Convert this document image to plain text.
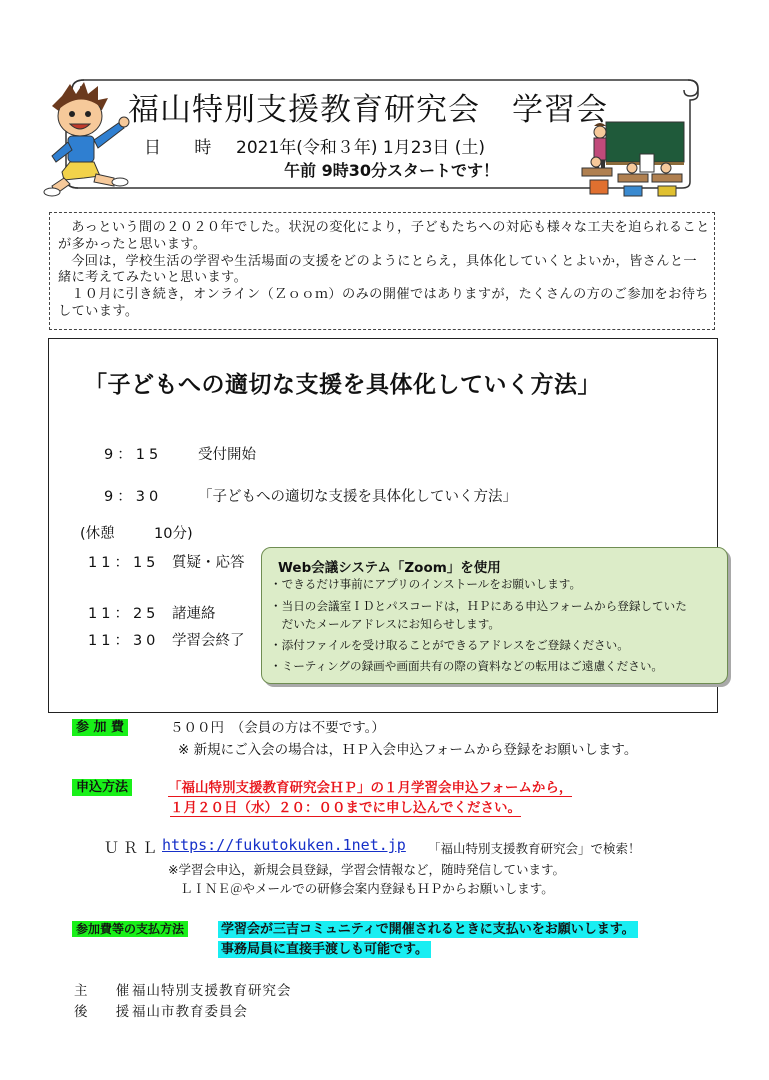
福山特別支援教育研究会　学習会
日 時 2021年(令和３年) 1月23日 (土)
午前 9時30分スタートです！

あっという間の２０２０年でした。状況の変化により，子どもたちへの対応も様々な工夫を迫られることが多かったと思います。

今回は，学校生活の学習や生活場面の支援をどのようにとらえ，具体化していくとよいか，皆さんと一緒に考えてみたいと思います。

１０月に引き続き，オンライン（Ｚｏｏｍ）のみの開催ではありますが，たくさんの方のご参加をお待ちしています。

「子どもへの適切な支援を具体化していく方法」
9：15 受付開始
9：30 「子どもへの適切な支援を具体化していく方法」
(休憩	10分)
11：15 質疑・応答
11：25 諸連絡
11：30 学習会終了
Web会議システム「Zoom」を使用
・できるだけ事前にアプリのインストールをお願いします。
・当日の会議室ＩＤとパスコードは，ＨＰにある申込フォームから登録していた
　だいたメールアドレスにお知らせします。
・添付ファイルを受け取ることができるアドレスをご登録ください。
・ミーティングの録画や画面共有の際の資料などの転用はご遠慮ください。
参 加 費	５００円　（会員の方は不要です。）
※ 新規にご入会の場合は，ＨＰ入会申込フォームから登録をお願いします。
申込方法	「福山特別支援教育研究会ＨＰ」の１月学習会申込フォームから，
１月２０日（水）２０：００までに申し込んでください。
ＵＲＬ https://fukutokuken.1net.jp 「福山特別支援教育研究会」で検索！
※学習会申込，新規会員登録，学習会情報など，随時発信しています。
ＬＩＮＥ＠やメールでの研修会案内登録もＨＰからお願いします。
参加費等の支払方法	学習会が三吉コミュニティで開催されるときに支払いをお願いします。
事務局員に直接手渡しも可能です。
主 催福山特別支援教育研究会
後 援福山市教育委員会
